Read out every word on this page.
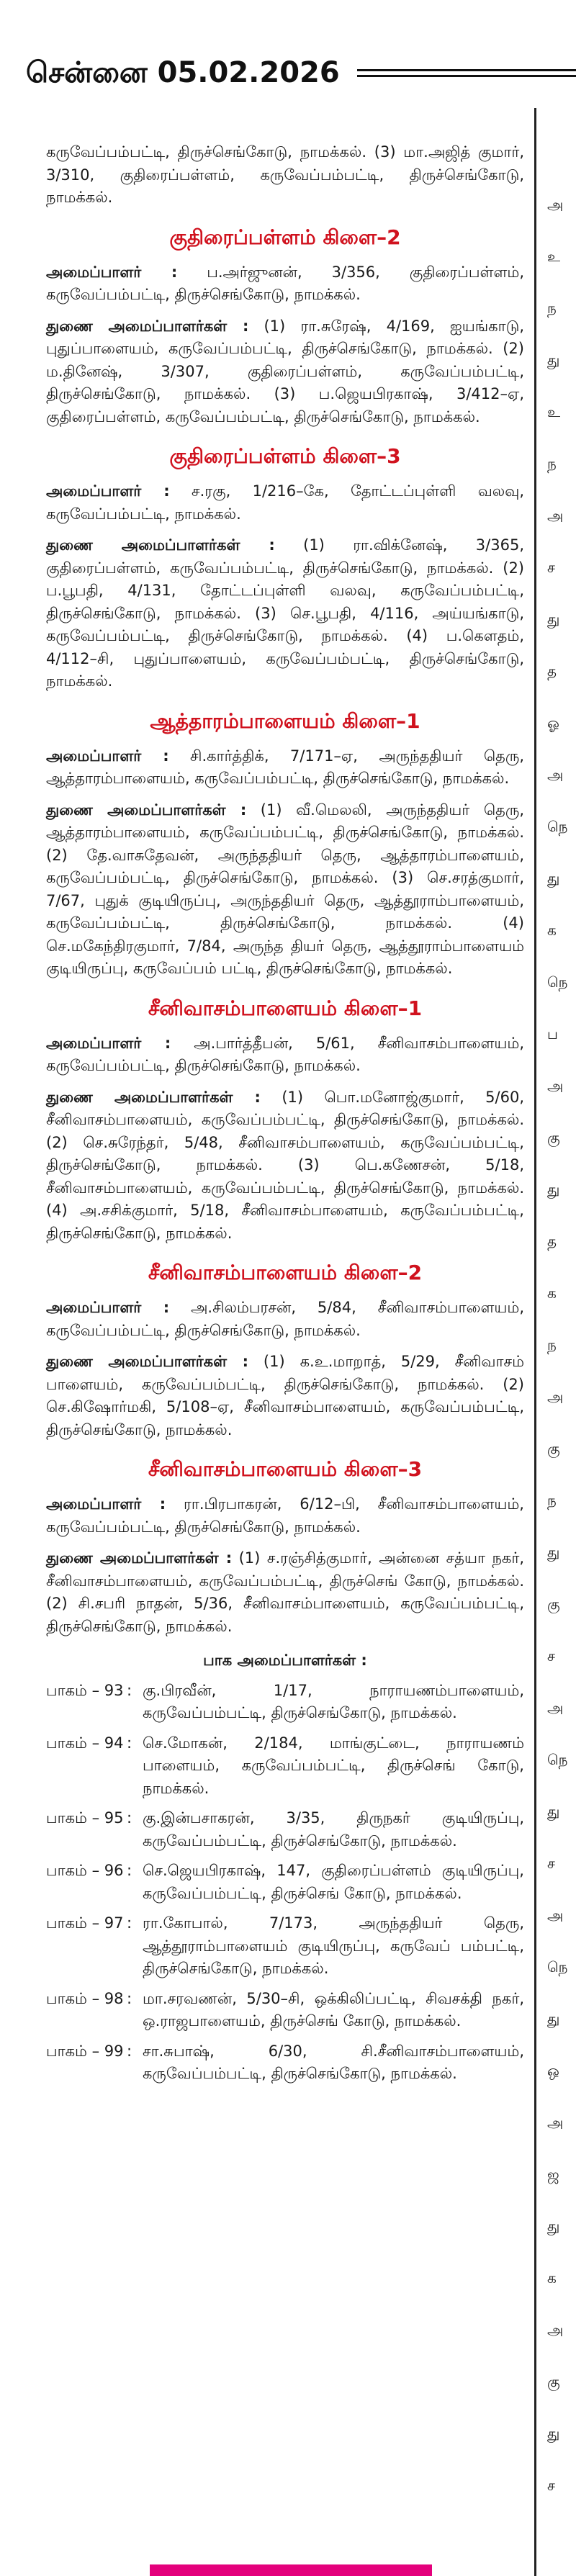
சென்னை 05.02.2026

கருவேப்பம்பட்டி, திருச்செங்கோடு, நாமக்கல். (3) மா.அஜித் குமார், 3/310, குதிரைப்பள்ளம், கருவேப்பம்பட்டி, திருச்செங்கோடு, நாமக்கல்.

குதிரைப்பள்ளம் கிளை–2

அமைப்பாளர் : ப.அர்ஜுனன், 3/356, குதிரைப்பள்ளம், கருவேப்பம்பட்டி, திருச்செங்கோடு, நாமக்கல்.

துணை அமைப்பாளர்கள் : (1) ரா.சுரேஷ், 4/169, ஐயங்காடு, புதுப்பாளையம், கருவேப்பம்பட்டி, திருச்செங்கோடு, நாமக்கல். (2) ம.தினேஷ், 3/307, குதிரைப்பள்ளம், கருவேப்பம்பட்டி, திருச்செங்கோடு, நாமக்கல். (3) ப.ஜெயபிரகாஷ், 3/412–ஏ, குதிரைப்பள்ளம், கருவேப்பம்பட்டி, திருச்செங்கோடு, நாமக்கல்.

குதிரைப்பள்ளம் கிளை–3

அமைப்பாளர் : ச.ரகு, 1/216–கே, தோட்டப்புள்ளி வலவு, கருவேப்பம்பட்டி, நாமக்கல்.

துணை அமைப்பாளர்கள் : (1) ரா.விக்னேஷ், 3/365, குதிரைப்பள்ளம், கருவேப்பம்பட்டி, திருச்செங்கோடு, நாமக்கல். (2) ப.பூபதி, 4/131, தோட்டப்புள்ளி வலவு, கருவேப்பம்பட்டி, திருச்செங்கோடு, நாமக்கல். (3) செ.பூபதி, 4/116, அய்யங்காடு, கருவேப்பம்பட்டி, திருச்செங்கோடு, நாமக்கல். (4) ப.கௌதம், 4/112–சி, புதுப்பாளையம், கருவேப்பம்பட்டி, திருச்செங்கோடு, நாமக்கல்.

ஆத்தாரம்பாளையம் கிளை–1

அமைப்பாளர் : சி.கார்த்திக், 7/171–ஏ, அருந்ததியர் தெரு, ஆத்தாரம்பாளையம், கருவேப்பம்பட்டி, திருச்செங்கோடு, நாமக்கல்.

துணை அமைப்பாளர்கள் : (1) வீ.மெலலி, அருந்ததியர் தெரு, ஆத்தாரம்பாளையம், கருவேப்பம்பட்டி, திருச்செங்கோடு, நாமக்கல். (2) தே.வாசுதேவன், அருந்ததியர் தெரு, ஆத்தாரம்பாளையம், கருவேப்பம்பட்டி, திருச்செங்கோடு, நாமக்கல். (3) செ.சரத்குமார், 7/67, புதுக் குடியிருப்பு, அருந்ததியர் தெரு, ஆத்தூராம்பாளையம், கருவேப்பம்பட்டி, திருச்செங்கோடு, நாமக்கல். (4) செ.மகேந்திரகுமார், 7/84, அருந்த தியர் தெரு, ஆத்தூராம்பாளையம் குடியிருப்பு, கருவேப்பம் பட்டி, திருச்செங்கோடு, நாமக்கல்.

சீனிவாசம்பாளையம் கிளை–1

அமைப்பாளர் : அ.பார்த்தீபன், 5/61, சீனிவாசம்பாளையம், கருவேப்பம்பட்டி, திருச்செங்கோடு, நாமக்கல்.

துணை அமைப்பாளர்கள் : (1) பொ.மனோஜ்குமார், 5/60, சீனிவாசம்பாளையம், கருவேப்பம்பட்டி, திருச்செங்கோடு, நாமக்கல். (2) செ.சுரேந்தர், 5/48, சீனிவாசம்பாளையம், கருவேப்பம்பட்டி, திருச்செங்கோடு, நாமக்கல். (3) பெ.கணேசன், 5/18, சீனிவாசம்பாளையம், கருவேப்பம்பட்டி, திருச்செங்கோடு, நாமக்கல். (4) அ.சசிக்குமார், 5/18, சீனிவாசம்பாளையம், கருவேப்பம்பட்டி, திருச்செங்கோடு, நாமக்கல்.

சீனிவாசம்பாளையம் கிளை–2

அமைப்பாளர் : அ.சிலம்பரசன், 5/84, சீனிவாசம்பாளையம், கருவேப்பம்பட்டி, திருச்செங்கோடு, நாமக்கல்.

துணை அமைப்பாளர்கள் : (1) க.உ.மாறாத், 5/29, சீனிவாசம் பாளையம், கருவேப்பம்பட்டி, திருச்செங்கோடு, நாமக்கல். (2) செ.கிஷோர்மகி, 5/108–ஏ, சீனிவாசம்பாளையம், கருவேப்பம்பட்டி, திருச்செங்கோடு, நாமக்கல்.

சீனிவாசம்பாளையம் கிளை–3

அமைப்பாளர் : ரா.பிரபாகரன், 6/12–பி, சீனிவாசம்பாளையம், கருவேப்பம்பட்டி, திருச்செங்கோடு, நாமக்கல்.

துணை அமைப்பாளர்கள் : (1) ச.ரஞ்சித்குமார், அன்னை சத்யா நகர், சீனிவாசம்பாளையம், கருவேப்பம்பட்டி, திருச்செங் கோடு, நாமக்கல். (2) சி.சபரி நாதன், 5/36, சீனிவாசம்பாளையம், கருவேப்பம்பட்டி, திருச்செங்கோடு, நாமக்கல்.

பாக அமைப்பாளர்கள் :
பாகம் – 93 : கு.பிரவீன், 1/17, நாராயணம்பாளையம், கருவேப்பம்பட்டி, திருச்செங்கோடு, நாமக்கல்.
பாகம் – 94 : செ.மோகன், 2/184, மாங்குட்டை, நாராயணம் பாளையம், கருவேப்பம்பட்டி, திருச்செங் கோடு, நாமக்கல்.
பாகம் – 95 : கு.இன்பசாகரன், 3/35, திருநகர் குடியிருப்பு, கருவேப்பம்பட்டி, திருச்செங்கோடு, நாமக்கல்.
பாகம் – 96 : செ.ஜெயபிரகாஷ், 147, குதிரைப்பள்ளம் குடியிருப்பு, கருவேப்பம்பட்டி, திருச்செங் கோடு, நாமக்கல்.
பாகம் – 97 : ரா.கோபால், 7/173, அருந்ததியர் தெரு, ஆத்தூராம்பாளையம் குடியிருப்பு, கருவேப் பம்பட்டி, திருச்செங்கோடு, நாமக்கல்.
பாகம் – 98 : மா.சரவணன், 5/30–சி, ஒக்கிலிப்பட்டி, சிவசக்தி நகர், ஒ.ராஜபாளையம், திருச்செங் கோடு, நாமக்கல்.
பாகம் – 99 : சா.சுபாஷ், 6/30, சி.சீனிவாசம்பாளையம், கருவேப்பம்பட்டி, திருச்செங்கோடு, நாமக்கல்.
அ
உ
ந
து
உ
ந
அ
ச
து
த
ஓ
அ
நெ
து
க
நெ
ப
அ
கு
து
த
க
ந
அ
கு
ந
து
கு
ச
அ
நெ
து
ச
அ
நெ
து
ஒ
அ
ஜ
து
க
அ
கு
து
ச
